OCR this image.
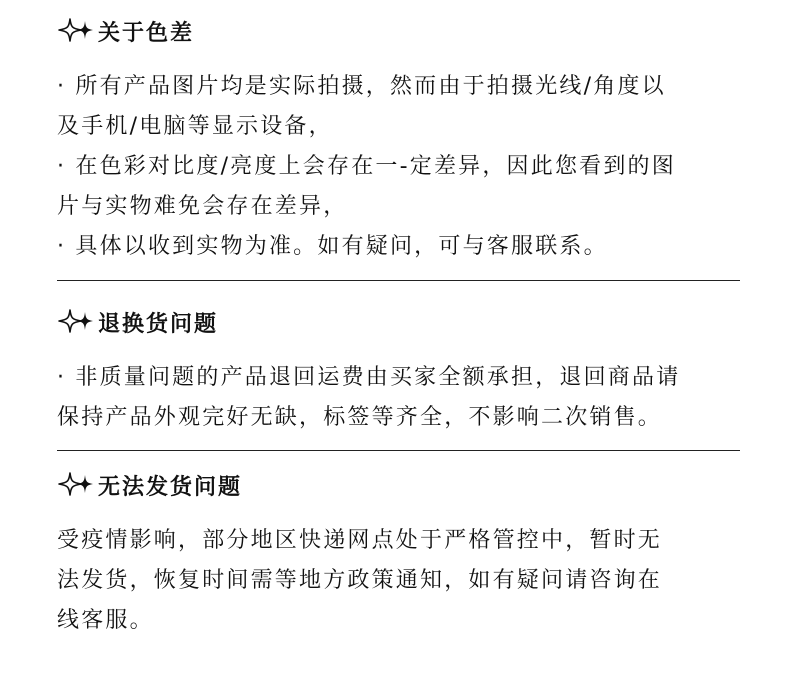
关于色差

· 所有产品图片均是实际拍摄，然而由于拍摄光线/角度以

及手机/电脑等显示设备，

· 在色彩对比度/亮度上会存在一-定差异，因此您看到的图

片与实物难免会存在差异，

· 具体以收到实物为准。如有疑问，可与客服联系。

退换货问题

· 非质量问题的产品退回运费由买家全额承担，退回商品请

保持产品外观完好无缺，标签等齐全，不影响二次销售。

无法发货问题

受疫情影响，部分地区快递网点处于严格管控中，暂时无

法发货，恢复时间需等地方政策通知，如有疑问请咨询在

线客服。
